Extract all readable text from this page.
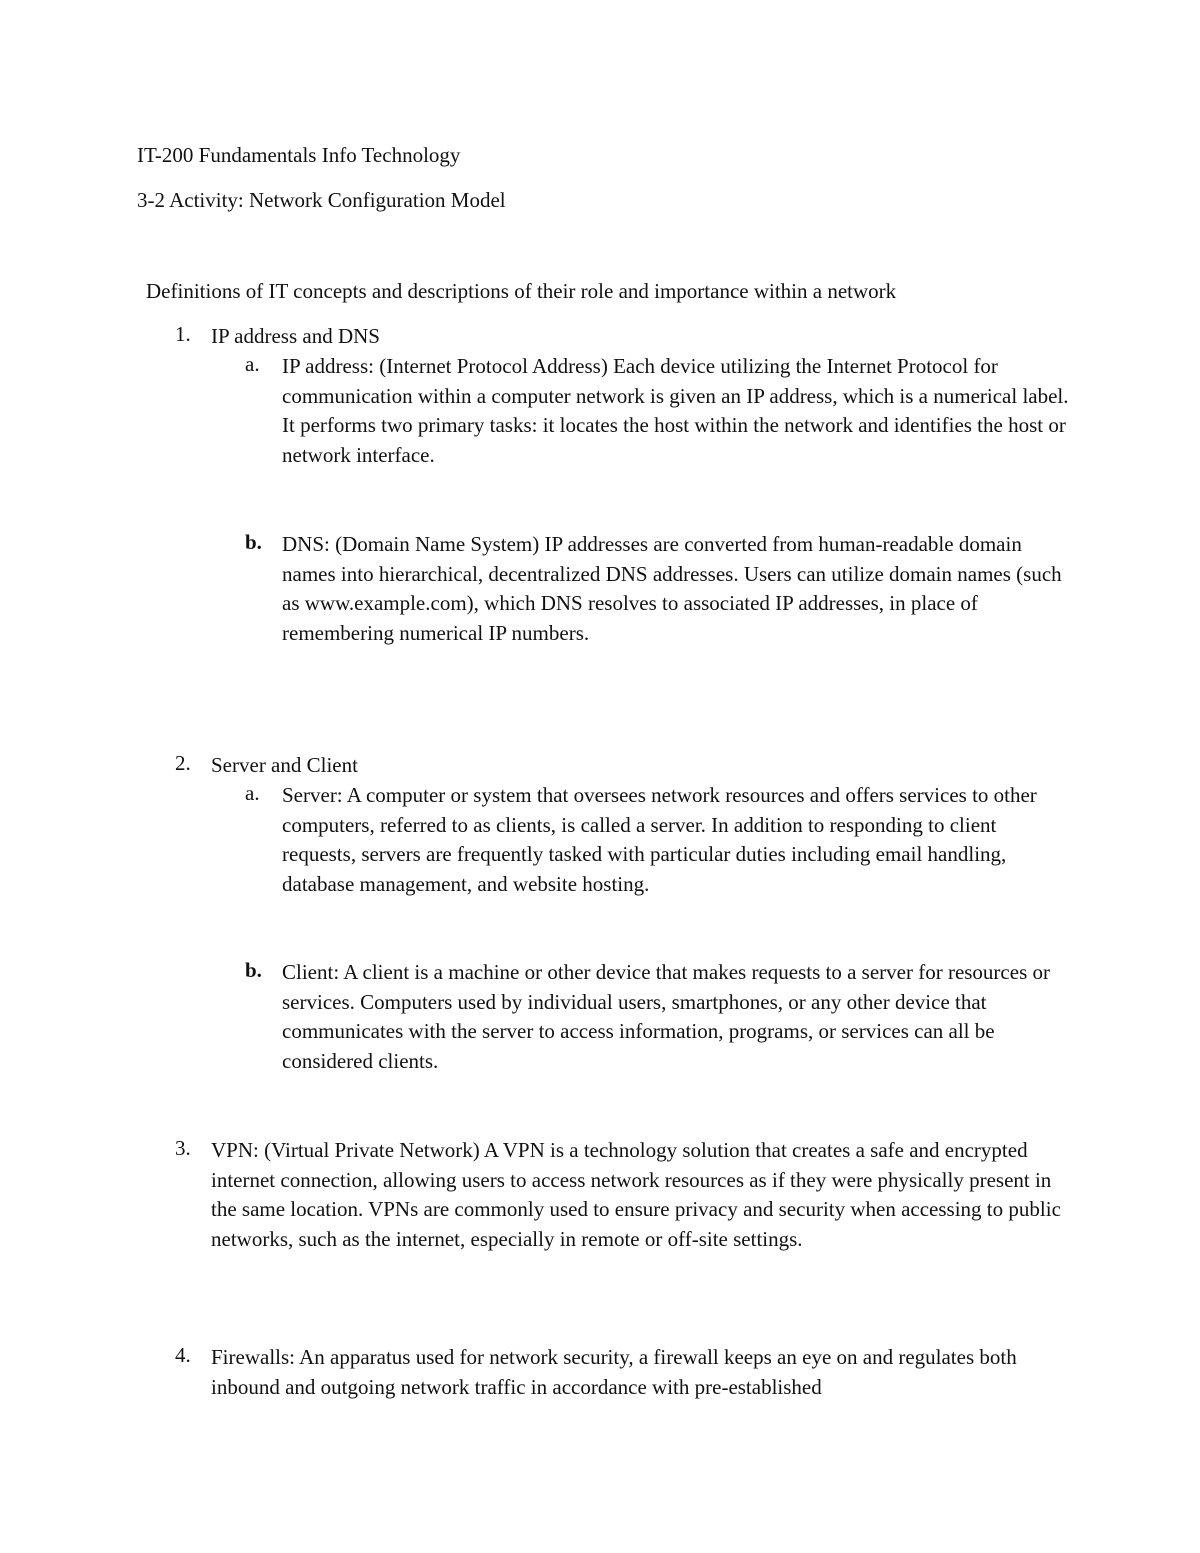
IT-200 Fundamentals Info Technology

3-2 Activity: Network Configuration Model

Definitions of IT concepts and descriptions of their role and importance within a network

1. IP address and DNS
a. IP address: (Internet Protocol Address) Each device utilizing the Internet Protocol for communication within a computer network is given an IP address, which is a numerical label. It performs two primary tasks: it locates the host within the network and identifies the host or network interface.

b. DNS: (Domain Name System) IP addresses are converted from human-readable domain names into hierarchical, decentralized DNS addresses. Users can utilize domain names (such as www.example.com), which DNS resolves to associated IP addresses, in place of remembering numerical IP numbers.

2. Server and Client
a. Server: A computer or system that oversees network resources and offers services to other computers, referred to as clients, is called a server. In addition to responding to client requests, servers are frequently tasked with particular duties including email handling, database management, and website hosting.

b. Client: A client is a machine or other device that makes requests to a server for resources or services. Computers used by individual users, smartphones, or any other device that communicates with the server to access information, programs, or services can all be considered clients.

3. VPN: (Virtual Private Network) A VPN is a technology solution that creates a safe and encrypted internet connection, allowing users to access network resources as if they were physically present in the same location. VPNs are commonly used to ensure privacy and security when accessing to public networks, such as the internet, especially in remote or off-site settings.

4. Firewalls: An apparatus used for network security, a firewall keeps an eye on and regulates both inbound and outgoing network traffic in accordance with pre-established
